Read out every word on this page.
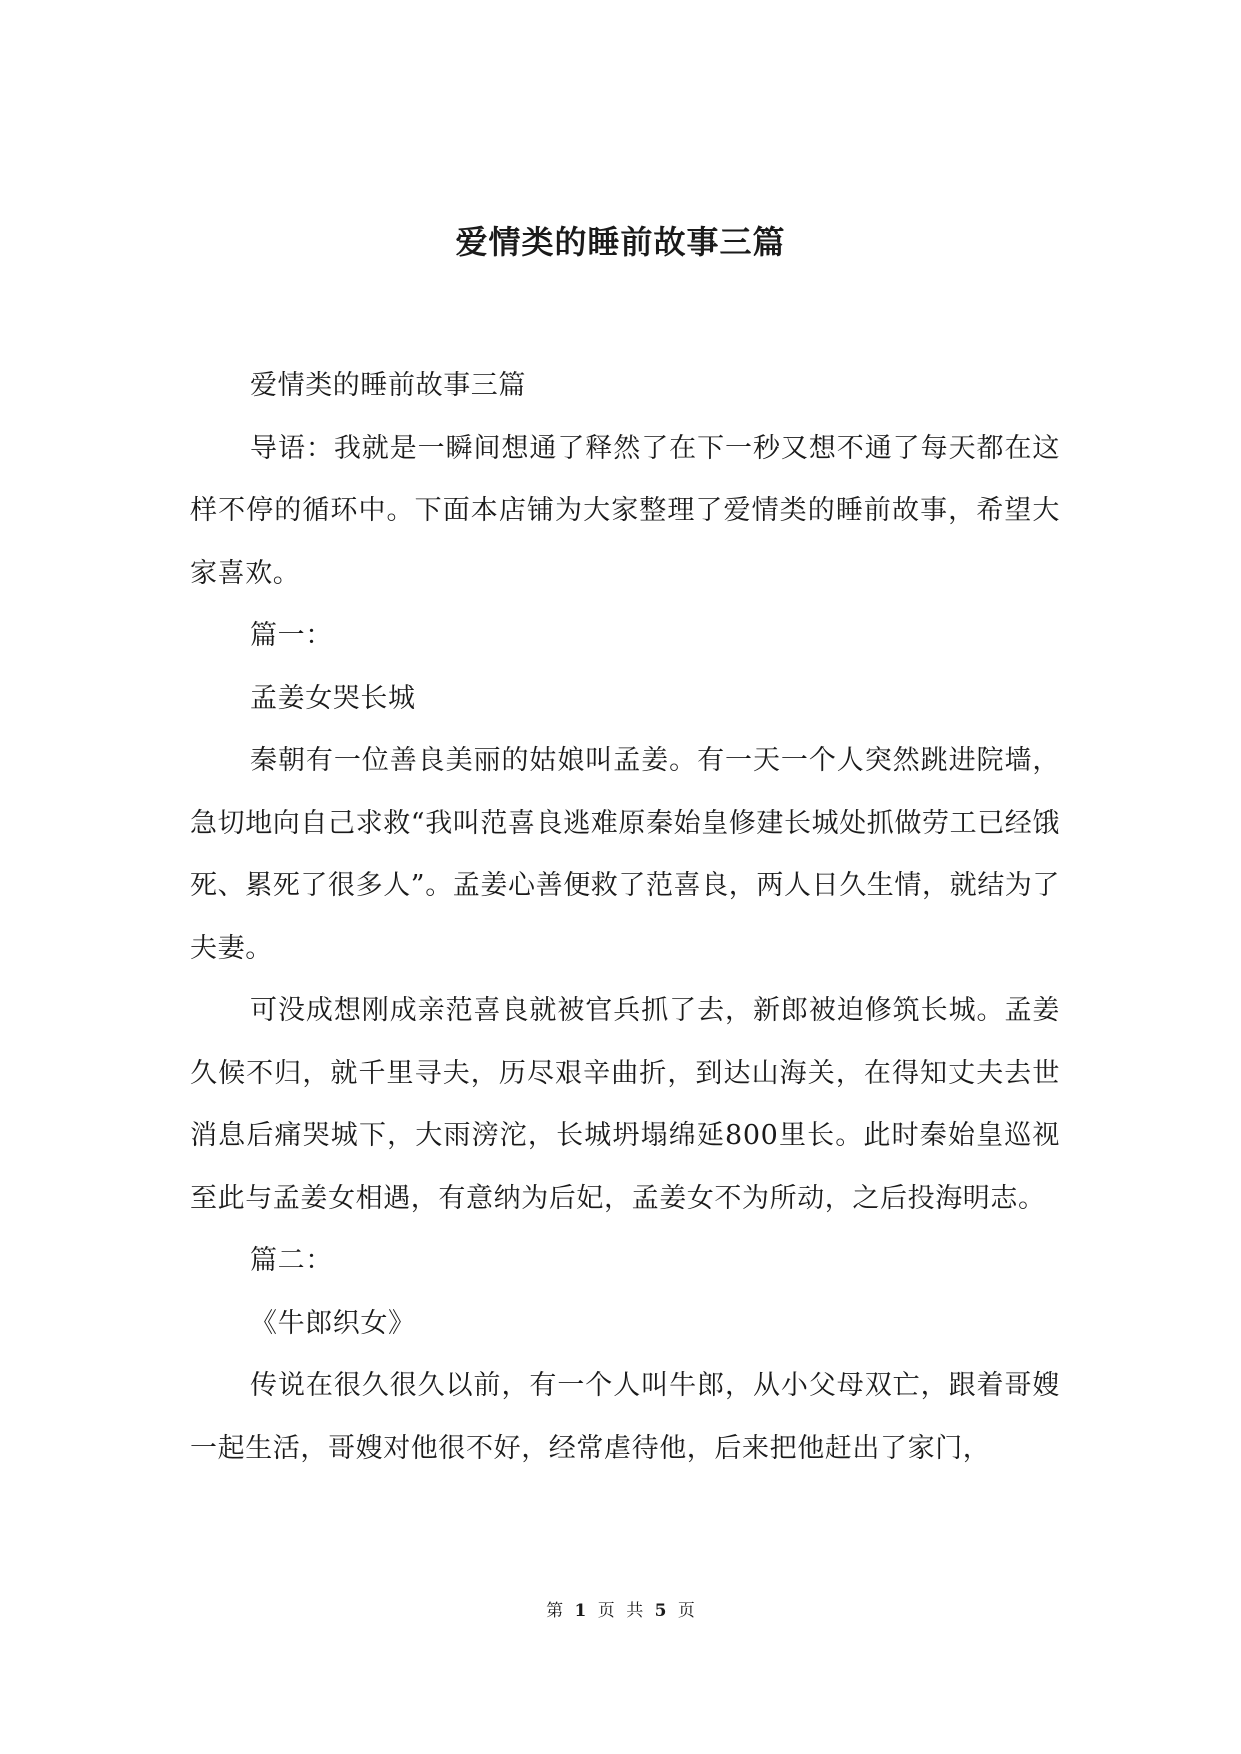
爱情类的睡前故事三篇

爱情类的睡前故事三篇

导语：我就是一瞬间想通了释然了在下一秒又想不通了每天都在这样不停的循环中。下面本店铺为大家整理了爱情类的睡前故事，希望大家喜欢。

篇一：

孟姜女哭长城

秦朝有一位善良美丽的姑娘叫孟姜。有一天一个人突然跳进院墙，急切地向自己求救“我叫范喜良逃难原秦始皇修建长城处抓做劳工已经饿死、累死了很多人”。孟姜心善便救了范喜良，两人日久生情，就结为了夫妻。

可没成想刚成亲范喜良就被官兵抓了去，新郎被迫修筑长城。孟姜久候不归，就千里寻夫，历尽艰辛曲折，到达山海关，在得知丈夫去世消息后痛哭城下，大雨滂沱，长城坍塌绵延800里长。此时秦始皇巡视至此与孟姜女相遇，有意纳为后妃，孟姜女不为所动，之后投海明志。

篇二：

《牛郎织女》

传说在很久很久以前，有一个人叫牛郎，从小父母双亡，跟着哥嫂一起生活，哥嫂对他很不好，经常虐待他，后来把他赶出了家门，

第 1 页 共 5 页
